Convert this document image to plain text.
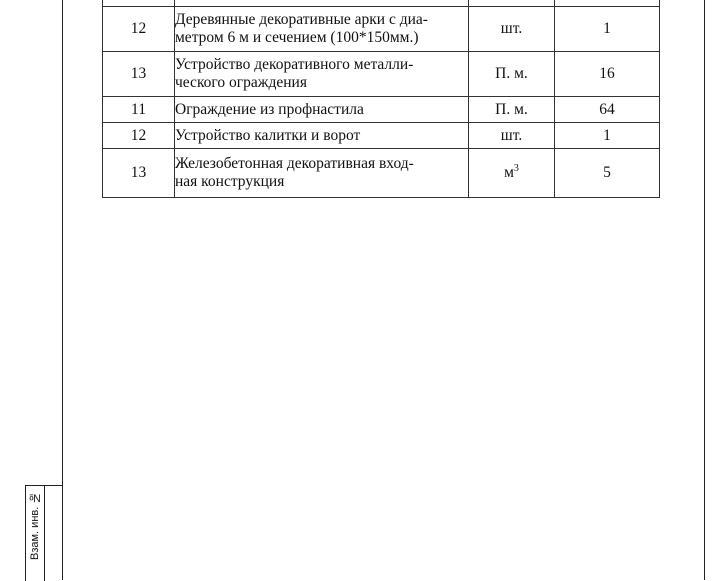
12	Деревянные декоративные арки с диа-
метром 6 м и сечением (100*150мм.)	шт.	1
13	Устройство декоративного металли-
ческого ограждения	П. м.	16
11	Ограждение из профнастила	П. м.	64
12	Устройство калитки и ворот	шт.	1
13	Железобетонная декоративная вход-
ная конструкция	$м^3$	5
Взам. инв. №
